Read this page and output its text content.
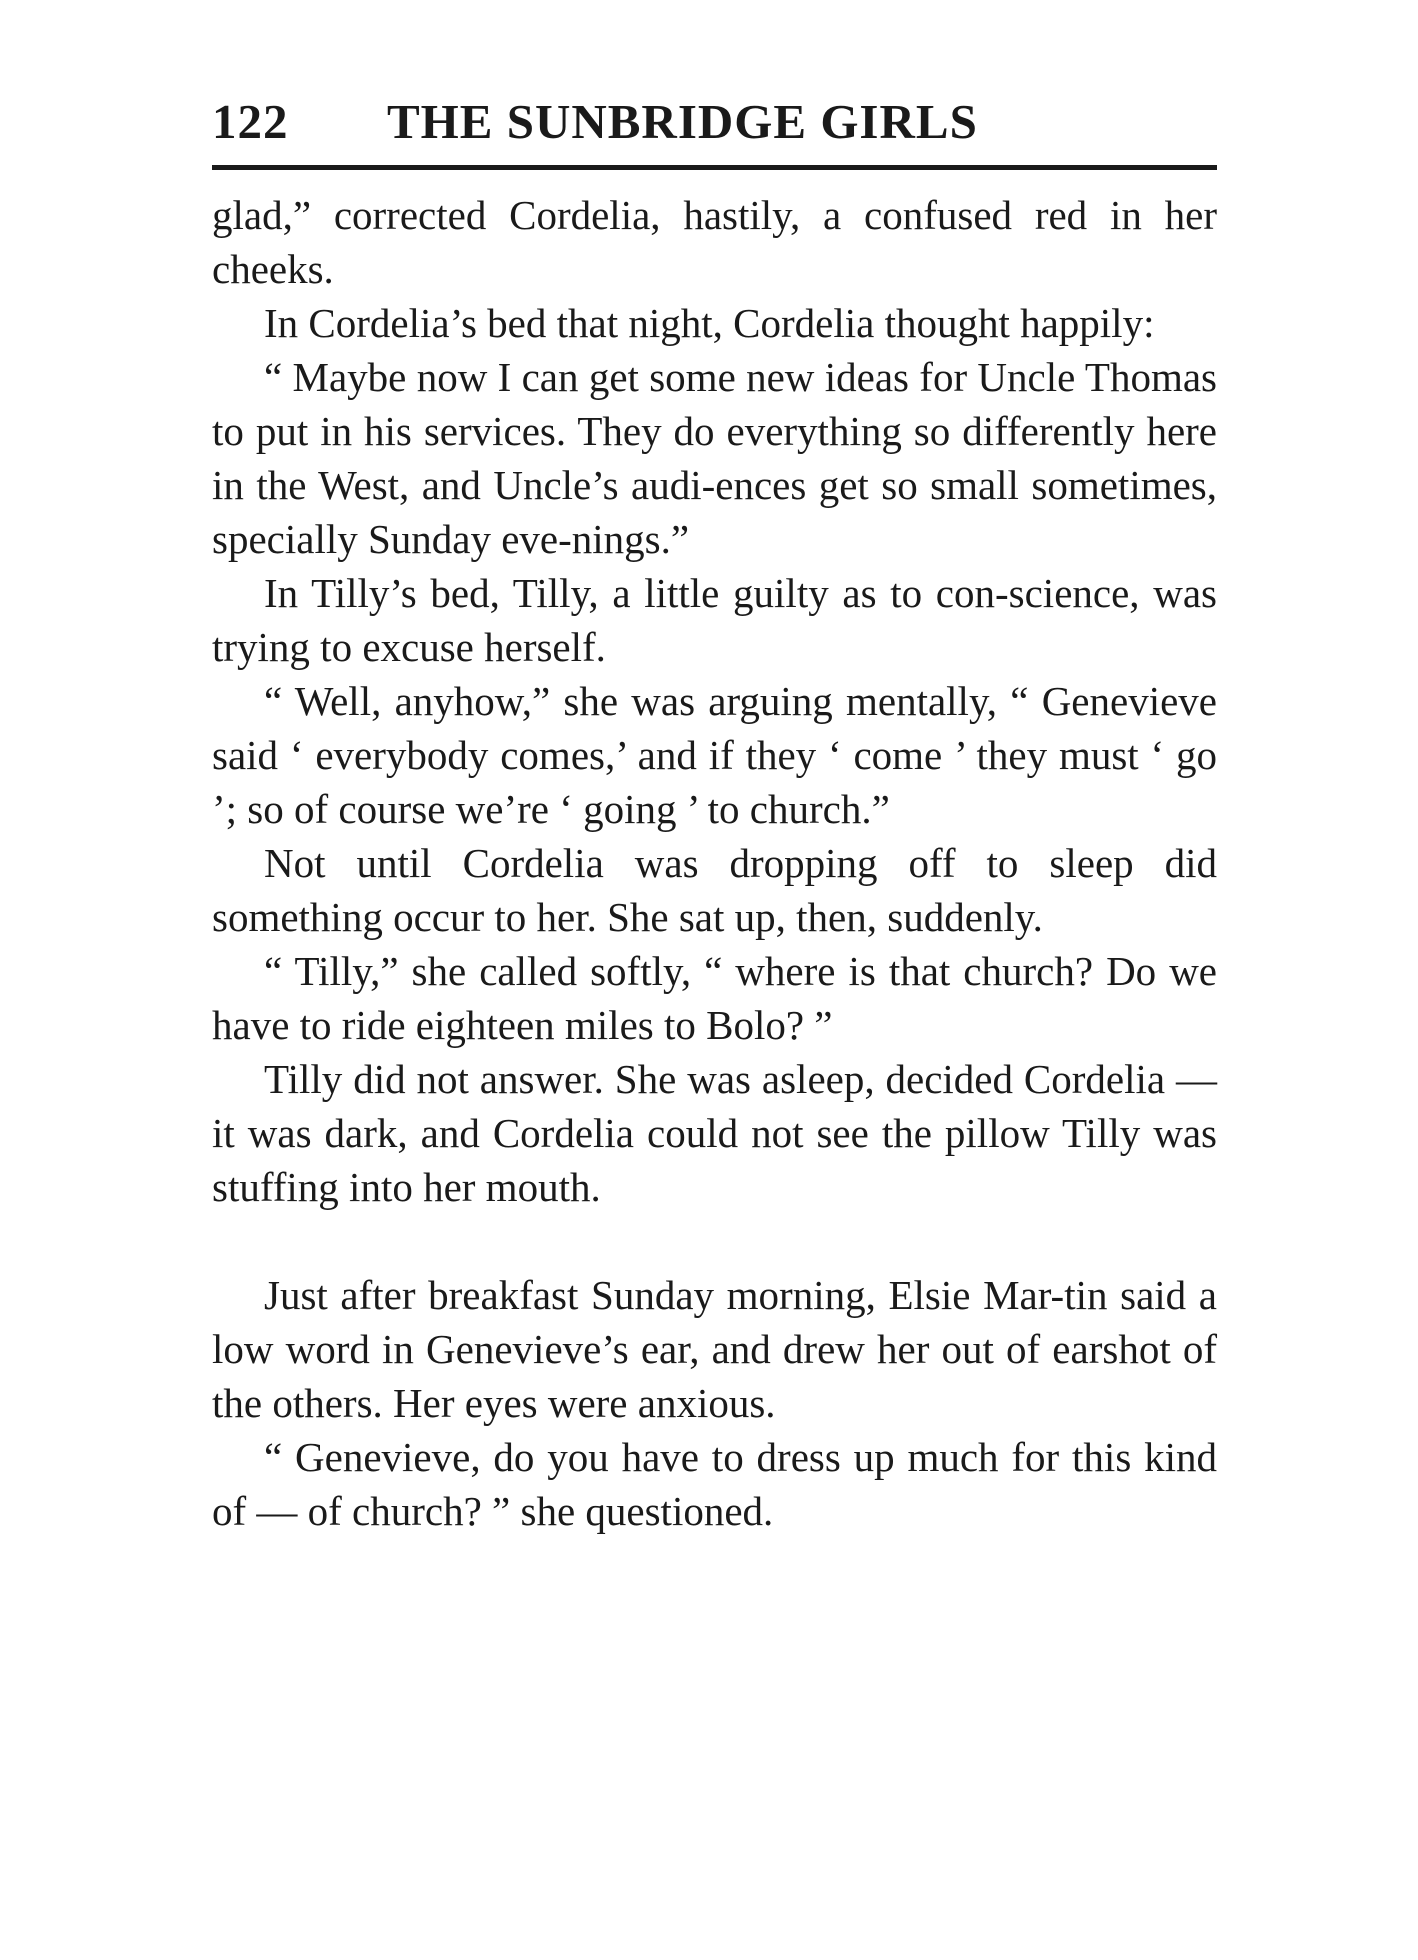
122 THE SUNBRIDGE GIRLS

glad,” corrected Cordelia, hastily, a confused red in her cheeks.

In Cordelia’s bed that night, Cordelia thought happily:

“ Maybe now I can get some new ideas for Uncle Thomas to put in his services. They do everything so differently here in the West, and Uncle’s audi-ences get so small sometimes, specially Sunday eve-nings.”

In Tilly’s bed, Tilly, a little guilty as to con-science, was trying to excuse herself.

“ Well, anyhow,” she was arguing mentally, “ Genevieve said ‘ everybody comes,’ and if they ‘ come ’ they must ‘ go ’; so of course we’re ‘ going ’ to church.”

Not until Cordelia was dropping off to sleep did something occur to her. She sat up, then, suddenly.

“ Tilly,” she called softly, “ where is that church? Do we have to ride eighteen miles to Bolo? ”

Tilly did not answer. She was asleep, decided Cordelia — it was dark, and Cordelia could not see the pillow Tilly was stuffing into her mouth.

Just after breakfast Sunday morning, Elsie Mar-tin said a low word in Genevieve’s ear, and drew her out of earshot of the others. Her eyes were anxious.

“ Genevieve, do you have to dress up much for this kind of — of church? ” she questioned.
